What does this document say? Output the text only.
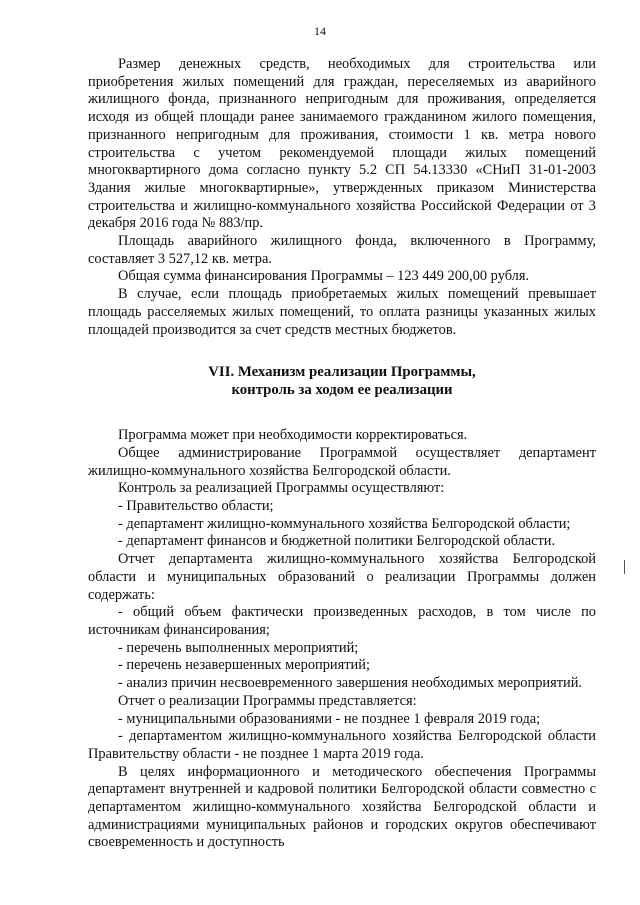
14

Размер денежных средств, необходимых для строительства или приобретения жилых помещений для граждан, переселяемых из аварийного жилищного фонда, признанного непригодным для проживания, определяется исходя из общей площади ранее занимаемого гражданином жилого помещения, признанного непригодным для проживания, стоимости 1 кв. метра нового строительства с учетом рекомендуемой площади жилых помещений многоквартирного дома согласно пункту 5.2 СП 54.13330 «СНиП 31-01-2003 Здания жилые многоквартирные», утвержденных приказом Министерства строительства и жилищно-коммунального хозяйства Российской Федерации от 3 декабря 2016 года № 883/пр.

Площадь аварийного жилищного фонда, включенного в Программу, составляет 3 527,12 кв. метра.

Общая сумма финансирования Программы – 123 449 200,00 рубля.

В случае, если площадь приобретаемых жилых помещений превышает площадь расселяемых жилых помещений, то оплата разницы указанных жилых площадей производится за счет средств местных бюджетов.

VII. Механизм реализации Программы,
контроль за ходом ее реализации

Программа может при необходимости корректироваться.

Общее администрирование Программой осуществляет департамент жилищно-коммунального хозяйства Белгородской области.

Контроль за реализацией Программы осуществляют:

- Правительство области;

- департамент жилищно-коммунального хозяйства Белгородской области;

- департамент финансов и бюджетной политики Белгородской области.

Отчет департамента жилищно-коммунального хозяйства Белгородской области и муниципальных образований о реализации Программы должен содержать:

- общий объем фактически произведенных расходов, в том числе по источникам финансирования;

- перечень выполненных мероприятий;

- перечень незавершенных мероприятий;

- анализ причин несвоевременного завершения необходимых мероприятий.

Отчет о реализации Программы представляется:

- муниципальными образованиями - не позднее 1 февраля 2019 года;

- департаментом жилищно-коммунального хозяйства Белгородской области Правительству области - не позднее 1 марта 2019 года.

В целях информационного и методического обеспечения Программы департамент внутренней и кадровой политики Белгородской области совместно с департаментом жилищно-коммунального хозяйства Белгородской области и администрациями муниципальных районов и городских округов обеспечивают своевременность и доступность
